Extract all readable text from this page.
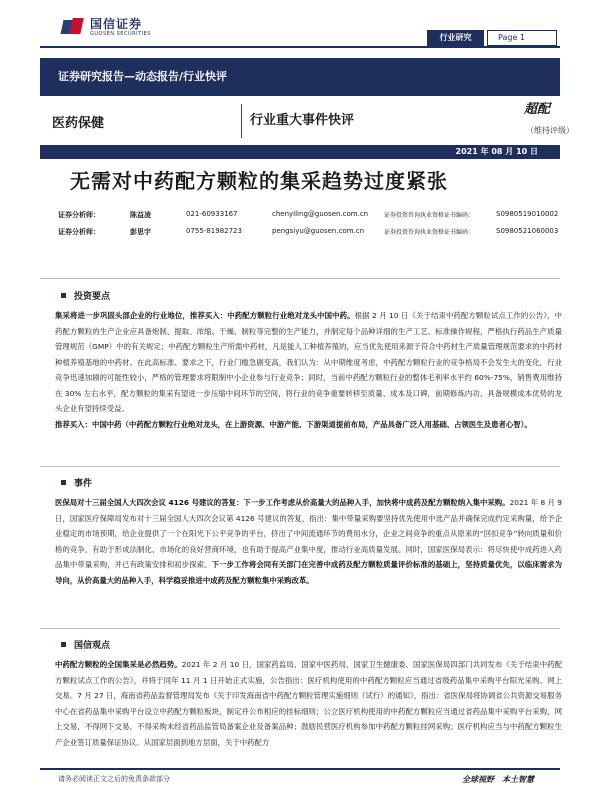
国信证券
GUOSEN SECURITIES	行业研究	Page 1
证券研究报告—动态报告/行业快评
医药保健	行业重大事件快评
超配
（维持评级）
2021 年 08 月 10 日
无需对中药配方颗粒的集采趋势过度紧张
证券分析师：	陈益凌	021-60933167	chenyiling@guosen.com.cn	证券投资咨询执业资格证书编码：	S0980519010002
证券分析师：	彭思宇	0755-81982723	pengsiyu@guosen.com.cn	证券投资咨询执业资格证书编码：	S0980521060003
投资要点
集采将进一步巩固头部企业的行业地位，推荐买入：中药配方颗粒行业绝对龙头中国中药。根据 2 月 10 日《关于结束中药配方颗粒试点工作的公告》，中药配方颗粒的生产企业应具备炮制、提取、浓缩、干燥、制粒等完整的生产能力，并制定每个品种详细的生产工艺、标准操作规程，严格执行药品生产质量管理规范（GMP）中的有关规定；中药配方颗粒生产所需中药材，凡是能人工种植养殖的，应当优先使用来源于符合中药材生产质量管理规范要求的中药材种植养殖基地的中药材。在此高标准、要求之下，行业门槛急剧变高，我们认为：从中期维度考虑，中药配方颗粒行业的竞争格局不会发生大的变化，行业竞争迅速加剧的可能性较小，严格的管理要求将限制中小企业参与行业竞争；同时，当前中药配方颗粒行业的整体毛利率水平约 60%-75%，销售费用维持在 30% 左右水平，配方颗粒的集采有望进一步压缩中间环节的空间，将行业的竞争重要转移至质量、成本及口碑，前期修炼内功、具备规模成本优势的龙头企业有望持续受益。
推荐买入：中国中药（中药配方颗粒行业绝对龙头，在上游资源、中游产能、下游渠道提前布局，产品具备广泛人用基础、占领医生及患者心智）。
事件
医保局对十三届全国人大四次会议 4126 号建议的答复：下一步工作考虑从价高量大的品种入手，加快将中成药及配方颗粒纳入集中采购。2021 年 8 月 9 日，国家医疗保障局发布对十三届全国人大四次会议第 4126 号建议的答复，指出：集中带量采购要坚持优先使用中选产品并确保完成约定采购量，给予企业稳定的市场预期，给企业提供了一个在阳光下公平竞争的平台，挤出了中间流通环节的费用水分，企业之间竞争的重点从原来的“回扣竞争”转向质量和价格的竞争，有助于形成法制化、市场化的良好营商环境，也有助于提高产业集中度，推动行业高质量发展。同时，国家医保局表示：将尽快使中成药进入药品集中带量采购，并已有政策安排和初步探索。下一步工作将会同有关部门在完善中成药及配方颗粒质量评价标准的基础上，坚持质量优先，以临床需求为导向，从价高量大的品种入手，科学稳妥推进中成药及配方颗粒集中采购改革。
国信观点
中药配方颗粒的全国集采是必然趋势。2021 年 2 月 10 日，国家药监局、国家中医药局、国家卫生健康委、国家医保局四部门共同发布《关于结束中药配方颗粒试点工作的公告》，并将于同年 11 月 1 日开始正式实施，公告指出：医疗机构使用的中药配方颗粒应当通过省级药品集中采购平台阳光采购、网上交易。7 月 27 日，海南省药品监督管理局发布《关于印发海南省中药配方颗粒管理实施细则（试行）的通知》，指出：省医保局将协调省公共资源交易服务中心在省药品集中采购平台设立中药配方颗粒板块，制定并公布相应的挂标细则；公立医疗机构使用的中药配方颗粒应当通过省药品集中采购平台采购，网上交易，不得网下交易，不得采购未经省药品监管局备案企业及备案品种；鼓励民营医疗机构参加中药配方颗粒挂网采购；医疗机构应当与中药配方颗粒生产企业签订质量保证协议。从国家层面到地方层面，关于中药配方
请务必阅读正文之后的免责条款部分	全球视野　本土智慧
